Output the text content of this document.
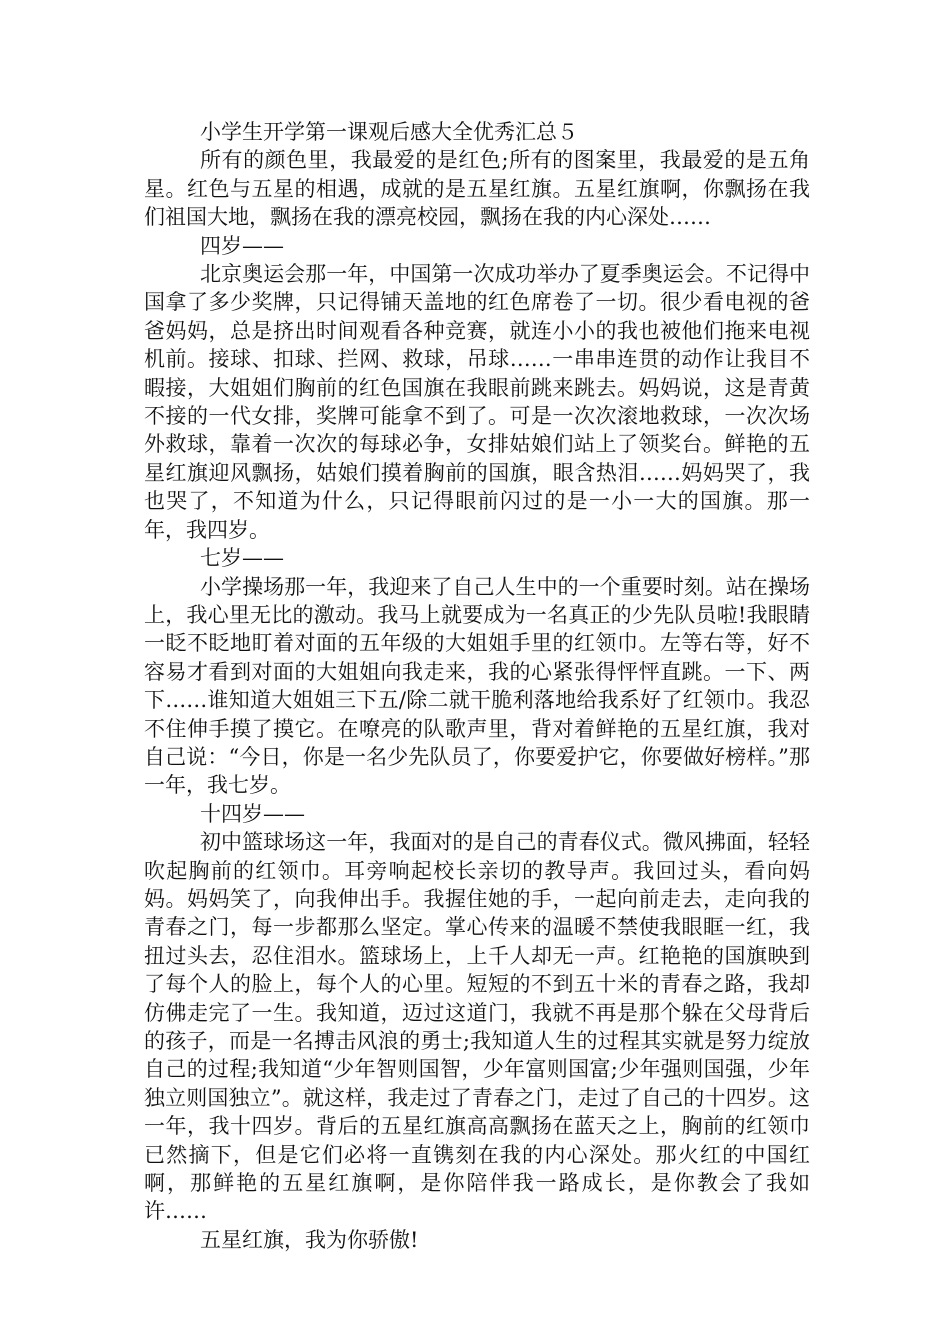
小学生开学第一课观后感大全优秀汇总５

所有的颜色里，我最爱的是红色;所有的图案里，我最爱的是五角星。红色与五星的相遇，成就的是五星红旗。五星红旗啊，你飘扬在我们祖国大地，飘扬在我的漂亮校园，飘扬在我的内心深处……

四岁——

北京奥运会那一年，中国第一次成功举办了夏季奥运会。不记得中国拿了多少奖牌，只记得铺天盖地的红色席卷了一切。很少看电视的爸爸妈妈，总是挤出时间观看各种竞赛，就连小小的我也被他们拖来电视机前。接球、扣球、拦网、救球，吊球……一串串连贯的动作让我目不暇接，大姐姐们胸前的红色国旗在我眼前跳来跳去。妈妈说，这是青黄不接的一代女排，奖牌可能拿不到了。可是一次次滚地救球，一次次场外救球，靠着一次次的每球必争，女排姑娘们站上了领奖台。鲜艳的五星红旗迎风飘扬，姑娘们摸着胸前的国旗，眼含热泪……妈妈哭了，我也哭了，不知道为什么，只记得眼前闪过的是一小一大的国旗。那一年，我四岁。

七岁——

小学操场那一年，我迎来了自己人生中的一个重要时刻。站在操场上，我心里无比的激动。我马上就要成为一名真正的少先队员啦!我眼睛一眨不眨地盯着对面的五年级的大姐姐手里的红领巾。左等右等，好不容易才看到对面的大姐姐向我走来，我的心紧张得怦怦直跳。一下、两下……谁知道大姐姐三下五/除二就干脆利落地给我系好了红领巾。我忍不住伸手摸了摸它。在嘹亮的队歌声里，背对着鲜艳的五星红旗，我对自己说：“今日，你是一名少先队员了，你要爱护它，你要做好榜样。”那一年，我七岁。

十四岁——

初中篮球场这一年，我面对的是自己的青春仪式。微风拂面，轻轻吹起胸前的红领巾。耳旁响起校长亲切的教导声。我回过头，看向妈妈。妈妈笑了，向我伸出手。我握住她的手，一起向前走去，走向我的青春之门，每一步都那么坚定。掌心传来的温暖不禁使我眼眶一红，我扭过头去，忍住泪水。篮球场上，上千人却无一声。红艳艳的国旗映到了每个人的脸上，每个人的心里。短短的不到五十米的青春之路，我却仿佛走完了一生。我知道，迈过这道门，我就不再是那个躲在父母背后的孩子，而是一名搏击风浪的勇士;我知道人生的过程其实就是努力绽放自己的过程;我知道“少年智则国智，少年富则国富;少年强则国强，少年独立则国独立”。就这样，我走过了青春之门，走过了自己的十四岁。这一年，我十四岁。背后的五星红旗高高飘扬在蓝天之上，胸前的红领巾已然摘下，但是它们必将一直镌刻在我的内心深处。那火红的中国红啊，那鲜艳的五星红旗啊，是你陪伴我一路成长，是你教会了我如许……

五星红旗，我为你骄傲!
